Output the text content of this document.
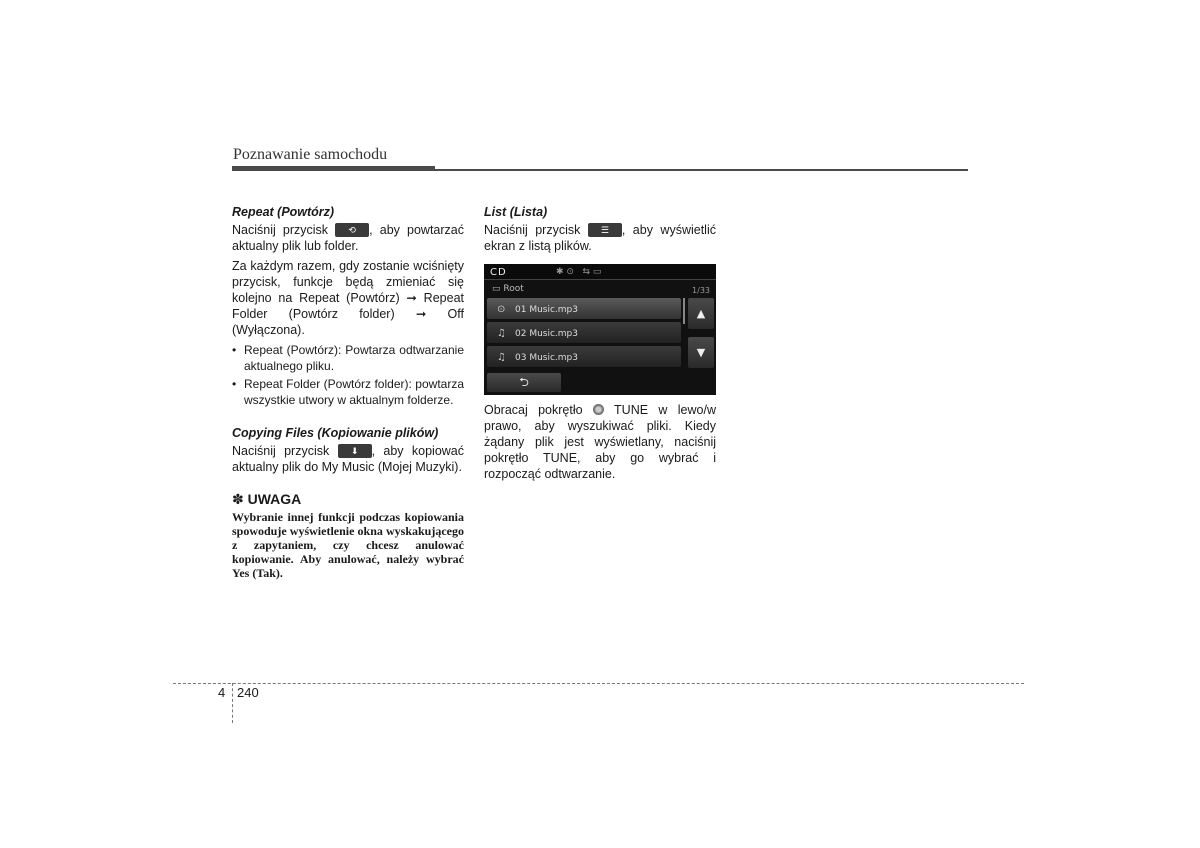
Poznawanie samochodu
Repeat (Powtórz)

Naciśnij przycisk ⟲ , aby powtarzać aktualny plik lub folder.

Za każdym razem, gdy zostanie wciśnięty przycisk, funkcje będą zmieniać się kolejno na Repeat (Powtórz) ➞ Repeat Folder (Powtórz folder) ➞ Off (Wyłączona).

• Repeat (Powtórz): Powtarza odtwarzanie aktualnego pliku.
• Repeat Folder (Powtórz folder): powtarza wszystkie utwory w aktualnym folderze.
Copying Files (Kopiowanie plików)

Naciśnij przycisk ⬇ , aby kopiować aktualny plik do My Music (Mojej Muzyki).

✽ UWAGA
Wybranie innej funkcji podczas kopiowania spowoduje wyświetlenie okna wyskakującego z zapytaniem, czy chcesz anulować kopiowanie. Aby anulować, należy wybrać Yes (Tak).
List (Lista)

Naciśnij przycisk ☰ , aby wyświetlić ekran z listą plików.

CD	✱ ⊙   ⇆ ▭
▭ Root	1/33
⊙ 01 Music.mp3
♫ 02 Music.mp3
♫ 03 Music.mp3
▲
▼
⮌

Obracaj pokrętło	TUNE w lewo/w prawo, aby wyszukiwać pliki. Kiedy żądany plik jest wyświetlany, naciśnij pokrętło TUNE, aby go wybrać i rozpocząć odtwarzanie.

4 240
